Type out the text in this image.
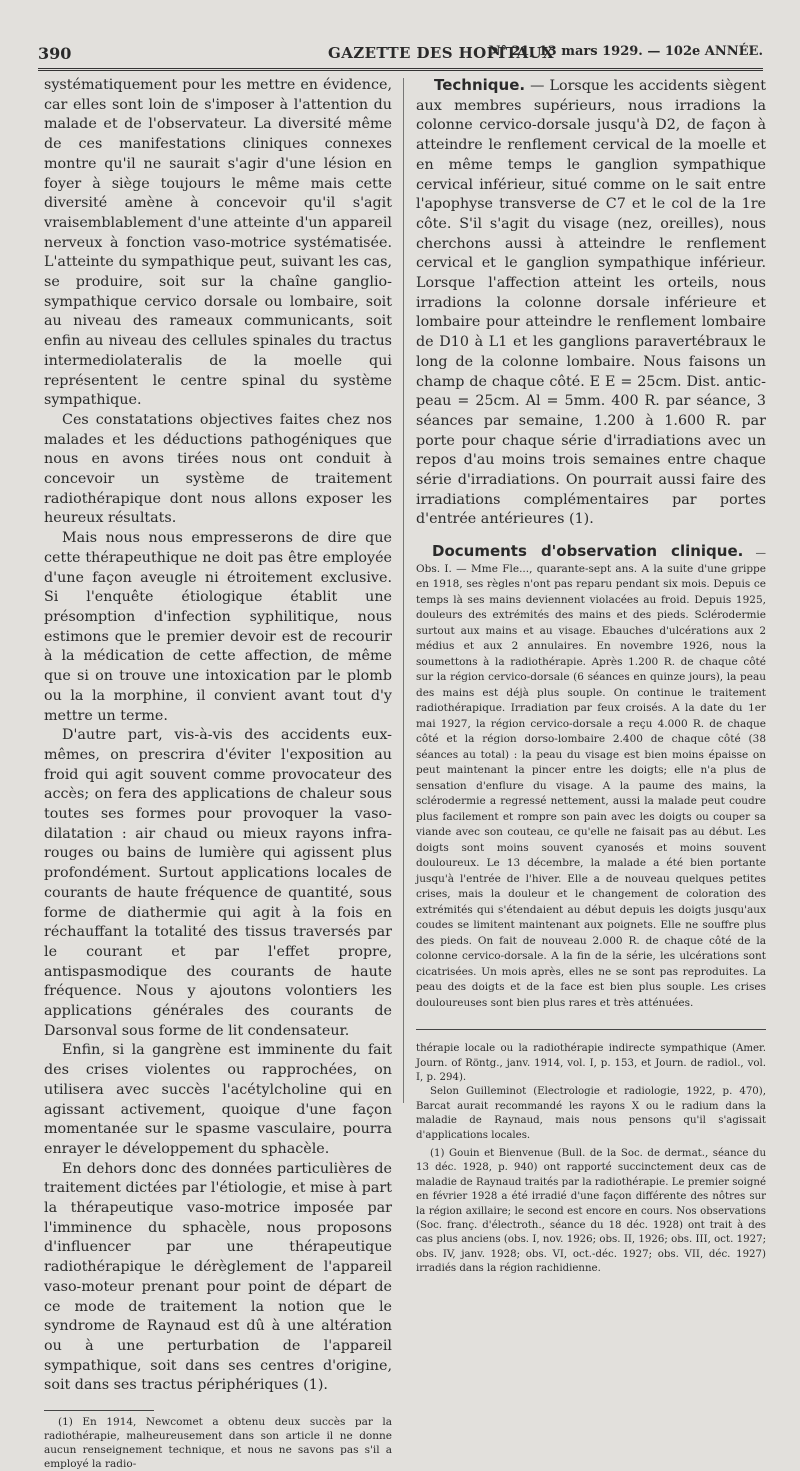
390	GAZETTE DES HOPITAUX
N° 21, 13 mars 1929. — 102e ANNÉE.

systématiquement pour les mettre en évidence, car elles sont loin de s'imposer à l'attention du malade et de l'observateur. La diversité même de ces manifestations cliniques connexes montre qu'il ne saurait s'agir d'une lésion en foyer à siège toujours le même mais cette diversité amène à concevoir qu'il s'agit vraisemblablement d'une atteinte d'un appareil nerveux à fonction vaso-motrice systématisée. L'atteinte du sympathique peut, suivant les cas, se produire, soit sur la chaîne ganglio-sympathique cervico dorsale ou lombaire, soit au niveau des rameaux communicants, soit enfin au niveau des cellules spinales du tractus intermediolateralis de la moelle qui représentent le centre spinal du système sympathique.

Ces constatations objectives faites chez nos malades et les déductions pathogéniques que nous en avons tirées nous ont conduit à concevoir un système de traitement radiothérapique dont nous allons exposer les heureux résultats.

Mais nous nous empresserons de dire que cette thérapeuthique ne doit pas être employée d'une façon aveugle ni étroitement exclusive. Si l'enquête étiologique établit une présomption d'infection syphilitique, nous estimons que le premier devoir est de recourir à la médication de cette affection, de même que si on trouve une intoxication par le plomb ou la la morphine, il convient avant tout d'y mettre un terme.

D'autre part, vis-à-vis des accidents eux-mêmes, on prescrira d'éviter l'exposition au froid qui agit souvent comme provocateur des accès; on fera des applications de chaleur sous toutes ses formes pour provoquer la vaso-dilatation : air chaud ou mieux rayons infra-rouges ou bains de lumière qui agissent plus profondément. Surtout applications locales de courants de haute fréquence de quantité, sous forme de diathermie qui agit à la fois en réchauffant la totalité des tissus traversés par le courant et par l'effet propre, antispasmodique des courants de haute fréquence. Nous y ajoutons volontiers les applications générales des courants de Darsonval sous forme de lit condensateur.

Enfin, si la gangrène est imminente du fait des crises violentes ou rapprochées, on utilisera avec succès l'acétylcholine qui en agissant activement, quoique d'une façon momentanée sur le spasme vasculaire, pourra enrayer le développement du sphacèle.

En dehors donc des données particulières de traitement dictées par l'étiologie, et mise à part la thérapeutique vaso-motrice imposée par l'imminence du sphacèle, nous proposons d'influencer par une thérapeutique radiothérapique le dérèglement de l'appareil vaso-moteur prenant pour point de départ de ce mode de traitement la notion que le syndrome de Raynaud est dû à une altération ou à une perturbation de l'appareil sympathique, soit dans ses centres d'origine, soit dans ses tractus périphériques (1).

(1) En 1914, Newcomet a obtenu deux succès par la radiothérapie, malheureusement dans son article il ne donne aucun renseignement technique, et nous ne savons pas s'il a employé la radio-

Technique. — Lorsque les accidents siègent aux membres supérieurs, nous irradions la colonne cervico-dorsale jusqu'à D2, de façon à atteindre le renflement cervical de la moelle et en même temps le ganglion sympathique cervical inférieur, situé comme on le sait entre l'apophyse transverse de C7 et le col de la 1re côte. S'il s'agit du visage (nez, oreilles), nous cherchons aussi à atteindre le renflement cervical et le ganglion sympathique inférieur. Lorsque l'affection atteint les orteils, nous irradions la colonne dorsale inférieure et lombaire pour atteindre le renflement lombaire de D10 à L1 et les ganglions paravertébraux le long de la colonne lombaire. Nous faisons un champ de chaque côté. E E = 25cm. Dist. antic-peau = 25cm. Al = 5mm. 400 R. par séance, 3 séances par semaine, 1.200 à 1.600 R. par porte pour chaque série d'irradiations avec un repos d'au moins trois semaines entre chaque série d'irradiations. On pourrait aussi faire des irradiations complémentaires par portes d'entrée antérieures (1).

Documents d'observation clinique. — Obs. I. — Mme Fle..., quarante-sept ans. A la suite d'une grippe en 1918, ses règles n'ont pas reparu pendant six mois. Depuis ce temps là ses mains deviennent violacées au froid. Depuis 1925, douleurs des extrémités des mains et des pieds. Sclérodermie surtout aux mains et au visage. Ebauches d'ulcérations aux 2 médius et aux 2 annulaires. En novembre 1926, nous la soumettons à la radiothérapie. Après 1.200 R. de chaque côté sur la région cervico-dorsale (6 séances en quinze jours), la peau des mains est déjà plus souple. On continue le traitement radiothérapique. Irradiation par feux croisés. A la date du 1er mai 1927, la région cervico-dorsale a reçu 4.000 R. de chaque côté et la région dorso-lombaire 2.400 de chaque côté (38 séances au total) : la peau du visage est bien moins épaisse on peut maintenant la pincer entre les doigts; elle n'a plus de sensation d'enflure du visage. A la paume des mains, la sclérodermie a regressé nettement, aussi la malade peut coudre plus facilement et rompre son pain avec les doigts ou couper sa viande avec son couteau, ce qu'elle ne faisait pas au début. Les doigts sont moins souvent cyanosés et moins souvent douloureux. Le 13 décembre, la malade a été bien portante jusqu'à l'entrée de l'hiver. Elle a de nouveau quelques petites crises, mais la douleur et le changement de coloration des extrémités qui s'étendaient au début depuis les doigts jusqu'aux coudes se limitent maintenant aux poignets. Elle ne souffre plus des pieds. On fait de nouveau 2.000 R. de chaque côté de la colonne cervico-dorsale. A la fin de la série, les ulcérations sont cicatrisées. Un mois après, elles ne se sont pas reproduites. La peau des doigts et de la face est bien plus souple. Les crises douloureuses sont bien plus rares et très atténuées.

thérapie locale ou la radiothérapie indirecte sympathique (Amer. Journ. of Röntg., janv. 1914, vol. I, p. 153, et Journ. de radiol., vol. I, p. 294).

Selon Guilleminot (Electrologie et radiologie, 1922, p. 470), Barcat aurait recommandé les rayons X ou le radium dans la maladie de Raynaud, mais nous pensons qu'il s'agissait d'applications locales.

(1) Gouin et Bienvenue (Bull. de la Soc. de dermat., séance du 13 déc. 1928, p. 940) ont rapporté succinctement deux cas de maladie de Raynaud traités par la radiothérapie. Le premier soigné en février 1928 a été irradié d'une façon différente des nôtres sur la région axillaire; le second est encore en cours. Nos observations (Soc. franç. d'électroth., séance du 18 déc. 1928) ont trait à des cas plus anciens (obs. I, nov. 1926; obs. II, 1926; obs. III, oct. 1927; obs. IV, janv. 1928; obs. VI, oct.-déc. 1927; obs. VII, déc. 1927) irradiés dans la région rachidienne.
